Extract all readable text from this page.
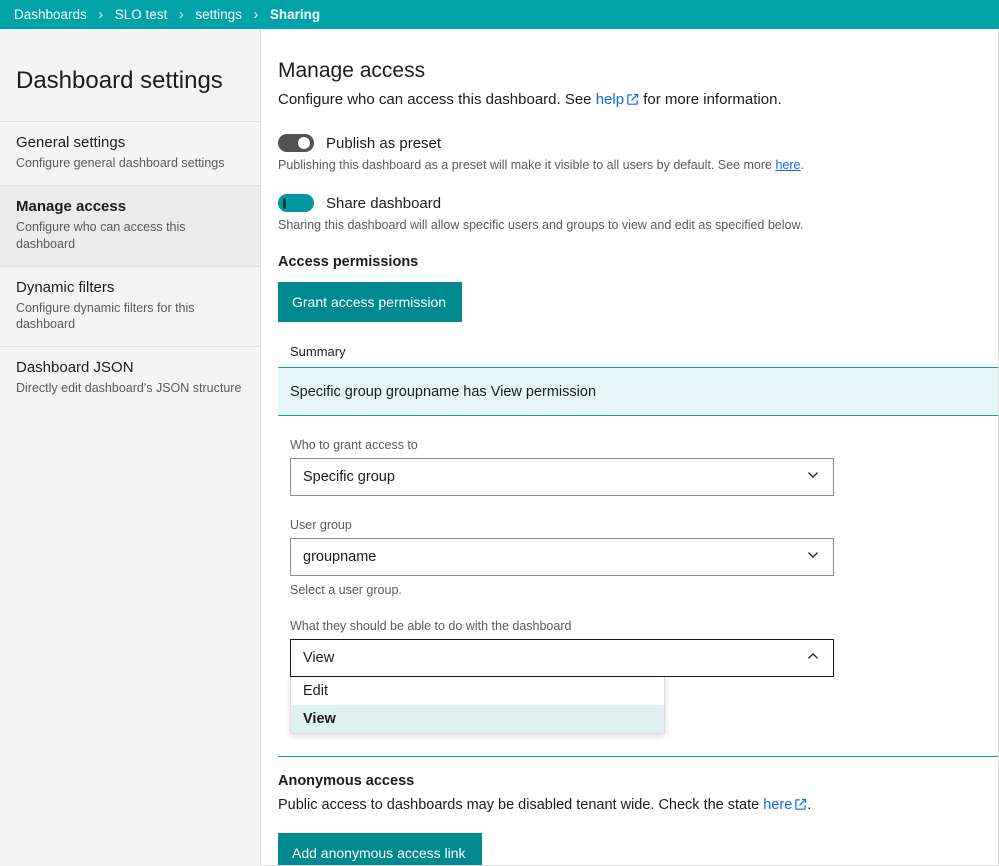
Dashboards › SLO test › settings › Sharing
Dashboard settings
General settings
Configure general dashboard settings
Manage access
Configure who can access this dashboard
Dynamic filters
Configure dynamic filters for this dashboard
Dashboard JSON
Directly edit dashboard's JSON structure
Manage access

Configure who can access this dashboard. See help for more information.

Publish as preset

Publishing this dashboard as a preset will make it visible to all users by default. See more here.

Share dashboard

Sharing this dashboard will allow specific users and groups to view and edit as specified below.

Access permissions
Grant access permission
Summary
Specific group groupname has View permission
Who to grant access to
Specific group
User group
groupname
Select a user group.
What they should be able to do with the dashboard
View
Edit
View
Anonymous access

Public access to dashboards may be disabled tenant wide. Check the state here .

Add anonymous access link
